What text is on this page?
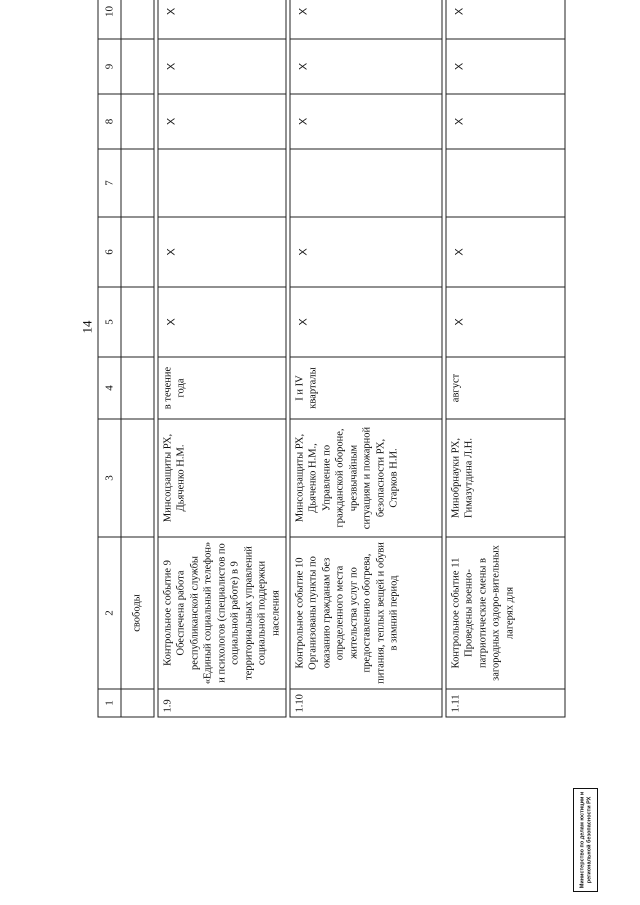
14
1	2	3	4	5	6	7	8	9	10	
	свободы									

1.9	Контрольное событие 9 Обеспечена работа республиканской службы «Единый социальный телефон» и психологов (специалистов по социальной работе) в 9 территориальных управлений социальной поддержки населения	Минсоцзащиты РХ, Дьяченко Н.М.	в течение года	X	X		X	X	X	

1.10	Контрольное событие 10 Организованы пункты по оказанию гражданам без определенного места жительства услуг по предоставлению обогрева, питания, теплых вещей и обуви в зимний период	Минсоцзащиты РХ, Дьяченко Н.М., Управление по гражданской обороне, чрезвычайным ситуациям и пожарной безопасности РХ, Старков Н.И.	I и IV кварталы	X	X		X	X	X	

1.11	Контрольное событие 11 Проведены военно-патриотические смены в загородных оздоро-вительных лагерях для	Минобрнауки РХ, Гимазутдина Л.Н.	август	X	X		X	X	X	
Министерство по делам юстиции и региональной безопасности РХ
